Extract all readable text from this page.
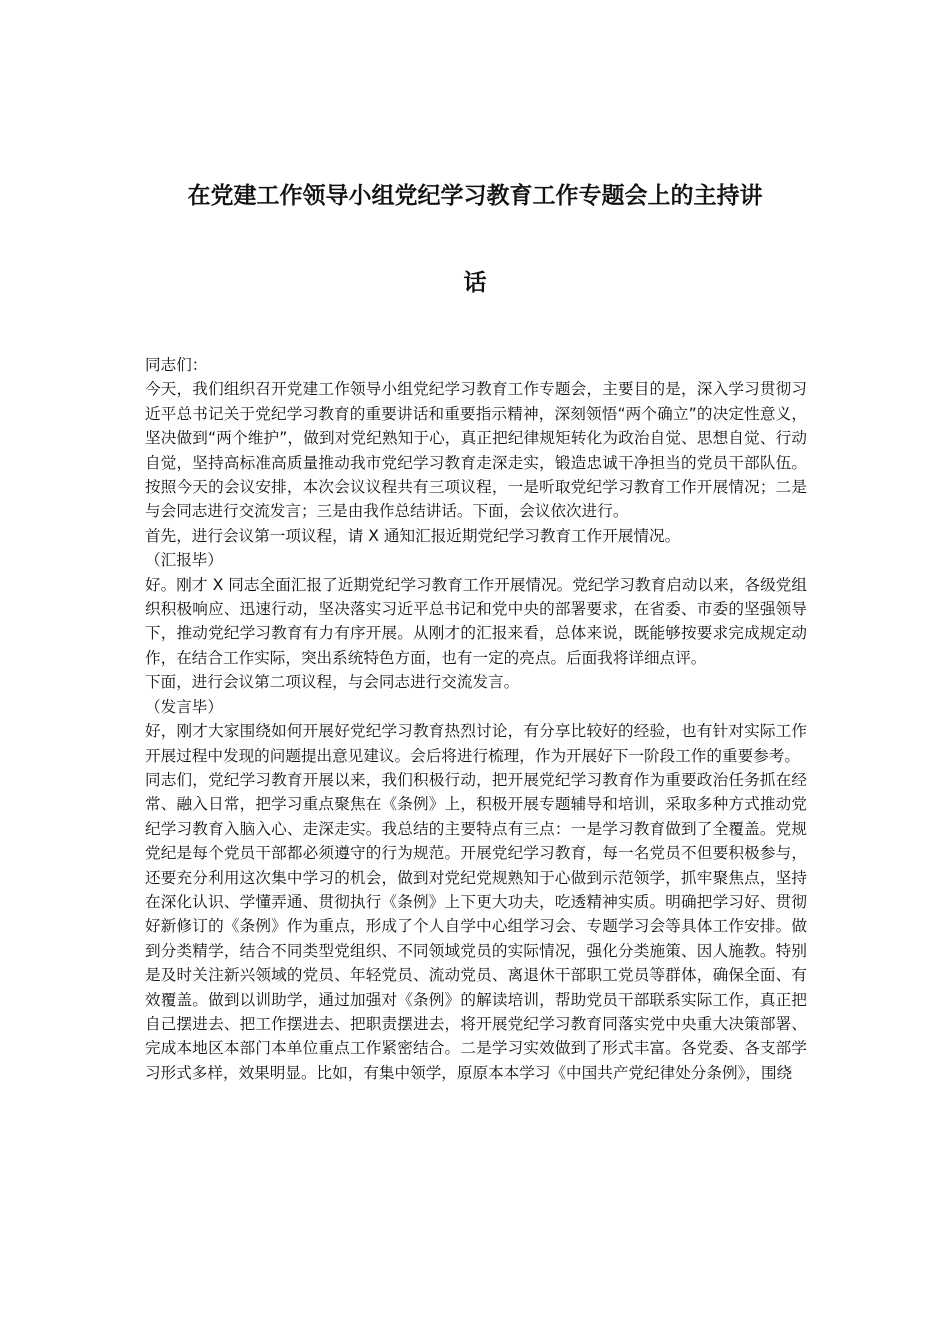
在党建工作领导小组党纪学习教育工作专题会上的主持讲
话

同志们：

今天，我们组织召开党建工作领导小组党纪学习教育工作专题会，主要目的是，深入学习贯彻习近平总书记关于党纪学习教育的重要讲话和重要指示精神，深刻领悟“两个确立”的决定性意义，坚决做到“两个维护”，做到对党纪熟知于心，真正把纪律规矩转化为政治自觉、思想自觉、行动自觉，坚持高标准高质量推动我市党纪学习教育走深走实，锻造忠诚干净担当的党员干部队伍。按照今天的会议安排，本次会议议程共有三项议程，一是听取党纪学习教育工作开展情况；二是与会同志进行交流发言；三是由我作总结讲话。下面，会议依次进行。

首先，进行会议第一项议程，请 X 通知汇报近期党纪学习教育工作开展情况。

（汇报毕）

好。刚才 X 同志全面汇报了近期党纪学习教育工作开展情况。党纪学习教育启动以来，各级党组织积极响应、迅速行动，坚决落实习近平总书记和党中央的部署要求，在省委、市委的坚强领导下，推动党纪学习教育有力有序开展。从刚才的汇报来看，总体来说，既能够按要求完成规定动作，在结合工作实际，突出系统特色方面，也有一定的亮点。后面我将详细点评。

下面，进行会议第二项议程，与会同志进行交流发言。

（发言毕）

好，刚才大家围绕如何开展好党纪学习教育热烈讨论，有分享比较好的经验，也有针对实际工作开展过程中发现的问题提出意见建议。会后将进行梳理，作为开展好下一阶段工作的重要参考。

同志们，党纪学习教育开展以来，我们积极行动，把开展党纪学习教育作为重要政治任务抓在经常、融入日常，把学习重点聚焦在《条例》上，积极开展专题辅导和培训，采取多种方式推动党纪学习教育入脑入心、走深走实。我总结的主要特点有三点：一是学习教育做到了全覆盖。党规党纪是每个党员干部都必须遵守的行为规范。开展党纪学习教育，每一名党员不但要积极参与，还要充分利用这次集中学习的机会，做到对党纪党规熟知于心做到示范领学，抓牢聚焦点，坚持在深化认识、学懂弄通、贯彻执行《条例》上下更大功夫，吃透精神实质。明确把学习好、贯彻好新修订的《条例》作为重点，形成了个人自学中心组学习会、专题学习会等具体工作安排。做到分类精学，结合不同类型党组织、不同领域党员的实际情况，强化分类施策、因人施教。特别是及时关注新兴领域的党员、年轻党员、流动党员、离退休干部职工党员等群体，确保全面、有效覆盖。做到以训助学，通过加强对《条例》的解读培训，帮助党员干部联系实际工作，真正把自己摆进去、把工作摆进去、把职责摆进去，将开展党纪学习教育同落实党中央重大决策部署、完成本地区本部门本单位重点工作紧密结合。二是学习实效做到了形式丰富。各党委、各支部学习形式多样，效果明显。比如，有集中领学，原原本本学习《中国共产党纪律处分条例》，围绕
